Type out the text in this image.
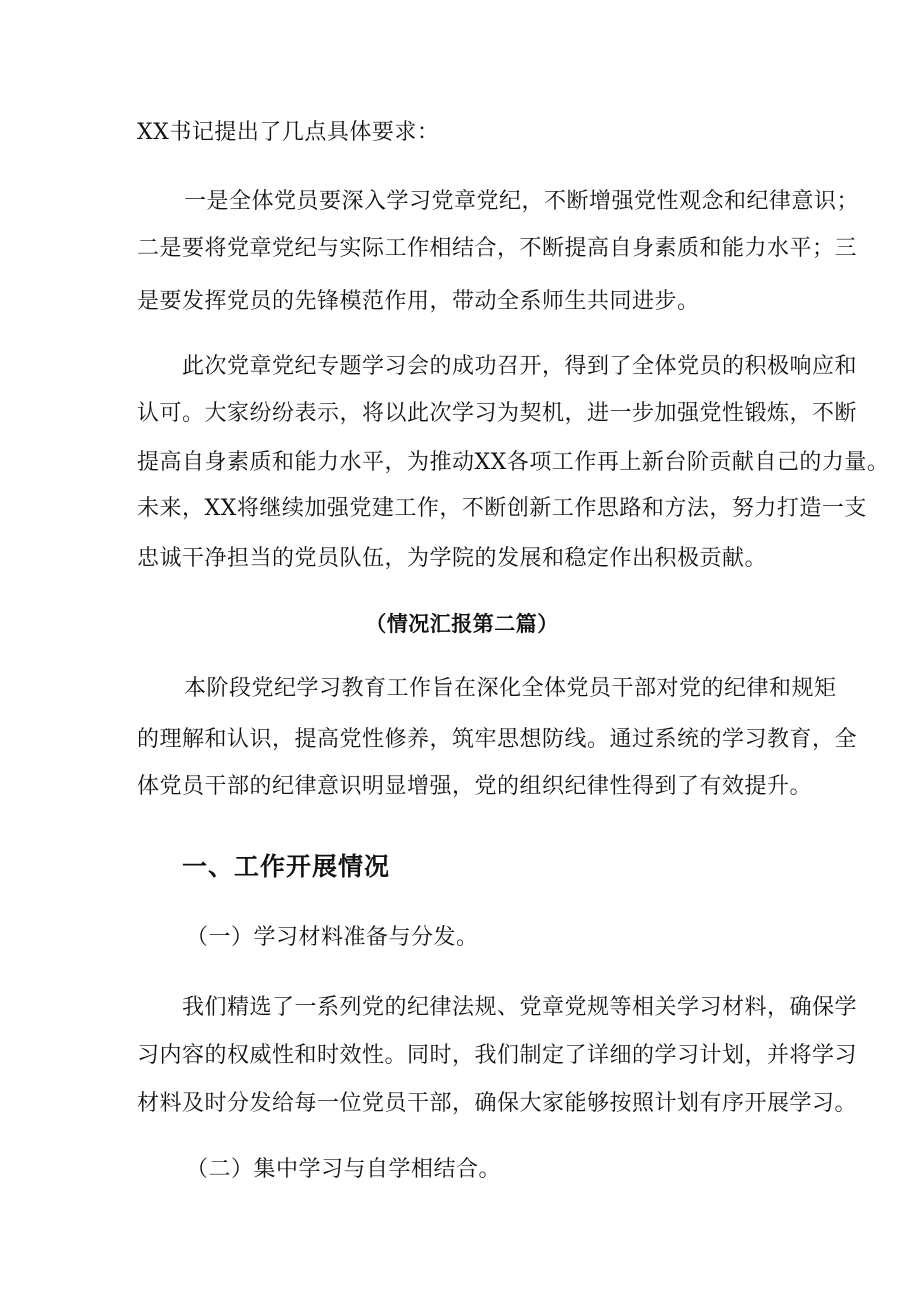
XX书记提出了几点具体要求：
一是全体党员要深入学习党章党纪，不断增强党性观念和纪律意识；
二是要将党章党纪与实际工作相结合，不断提高自身素质和能力水平；三
是要发挥党员的先锋模范作用，带动全系师生共同进步。
此次党章党纪专题学习会的成功召开，得到了全体党员的积极响应和
认可。大家纷纷表示，将以此次学习为契机，进一步加强党性锻炼，不断
提高自身素质和能力水平，为推动XX各项工作再上新台阶贡献自己的力量。
未来，XX将继续加强党建工作，不断创新工作思路和方法，努力打造一支
忠诚干净担当的党员队伍，为学院的发展和稳定作出积极贡献。
（情况汇报第二篇）
本阶段党纪学习教育工作旨在深化全体党员干部对党的纪律和规矩
的理解和认识，提高党性修养，筑牢思想防线。通过系统的学习教育，全
体党员干部的纪律意识明显增强，党的组织纪律性得到了有效提升。
一、工作开展情况
（一）学习材料准备与分发。
我们精选了一系列党的纪律法规、党章党规等相关学习材料，确保学
习内容的权威性和时效性。同时，我们制定了详细的学习计划，并将学习
材料及时分发给每一位党员干部，确保大家能够按照计划有序开展学习。
（二）集中学习与自学相结合。
